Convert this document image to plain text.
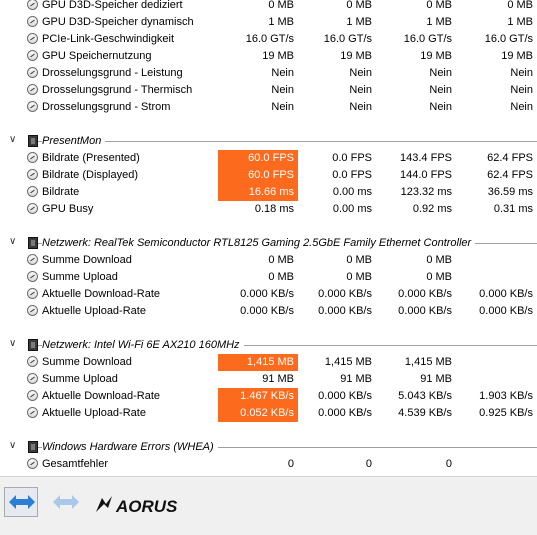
GPU D3D-Speicher dediziert	0 MB	0 MB	0 MB	0 MB
GPU D3D-Speicher dynamisch	1 MB	1 MB	1 MB	1 MB
PCIe-Link-Geschwindigkeit	16.0 GT/s	16.0 GT/s	16.0 GT/s	16.0 GT/s
GPU Speichernutzung	19 MB	19 MB	19 MB	19 MB
Drosselungsgrund - Leistung	Nein	Nein	Nein	Nein
Drosselungsgrund - Thermisch	Nein	Nein	Nein	Nein
Drosselungsgrund - Strom	Nein	Nein	Nein	Nein
∨ PresentMon
Bildrate (Presented)	60.0 FPS	0.0 FPS	143.4 FPS	62.4 FPS
Bildrate (Displayed)	60.0 FPS	0.0 FPS	144.0 FPS	62.4 FPS
Bildrate	16.66 ms	0.00 ms	123.32 ms	36.59 ms
GPU Busy	0.18 ms	0.00 ms	0.92 ms	0.31 ms
∨ Netzwerk: RealTek Semiconductor RTL8125 Gaming 2.5GbE Family Ethernet Controller
Summe Download	0 MB	0 MB	0 MB
Summe Upload	0 MB	0 MB	0 MB
Aktuelle Download-Rate	0.000 KB/s	0.000 KB/s	0.000 KB/s	0.000 KB/s
Aktuelle Upload-Rate	0.000 KB/s	0.000 KB/s	0.000 KB/s	0.000 KB/s
∨ Netzwerk: Intel Wi-Fi 6E AX210 160MHz
Summe Download	1,415 MB	1,415 MB	1,415 MB
Summe Upload	91 MB	91 MB	91 MB
Aktuelle Download-Rate	1.467 KB/s	0.000 KB/s	5.043 KB/s	1.903 KB/s
Aktuelle Upload-Rate	0.052 KB/s	0.000 KB/s	4.539 KB/s	0.925 KB/s
∨ Windows Hardware Errors (WHEA)
Gesamtfehler	0	0	0
AORUS
